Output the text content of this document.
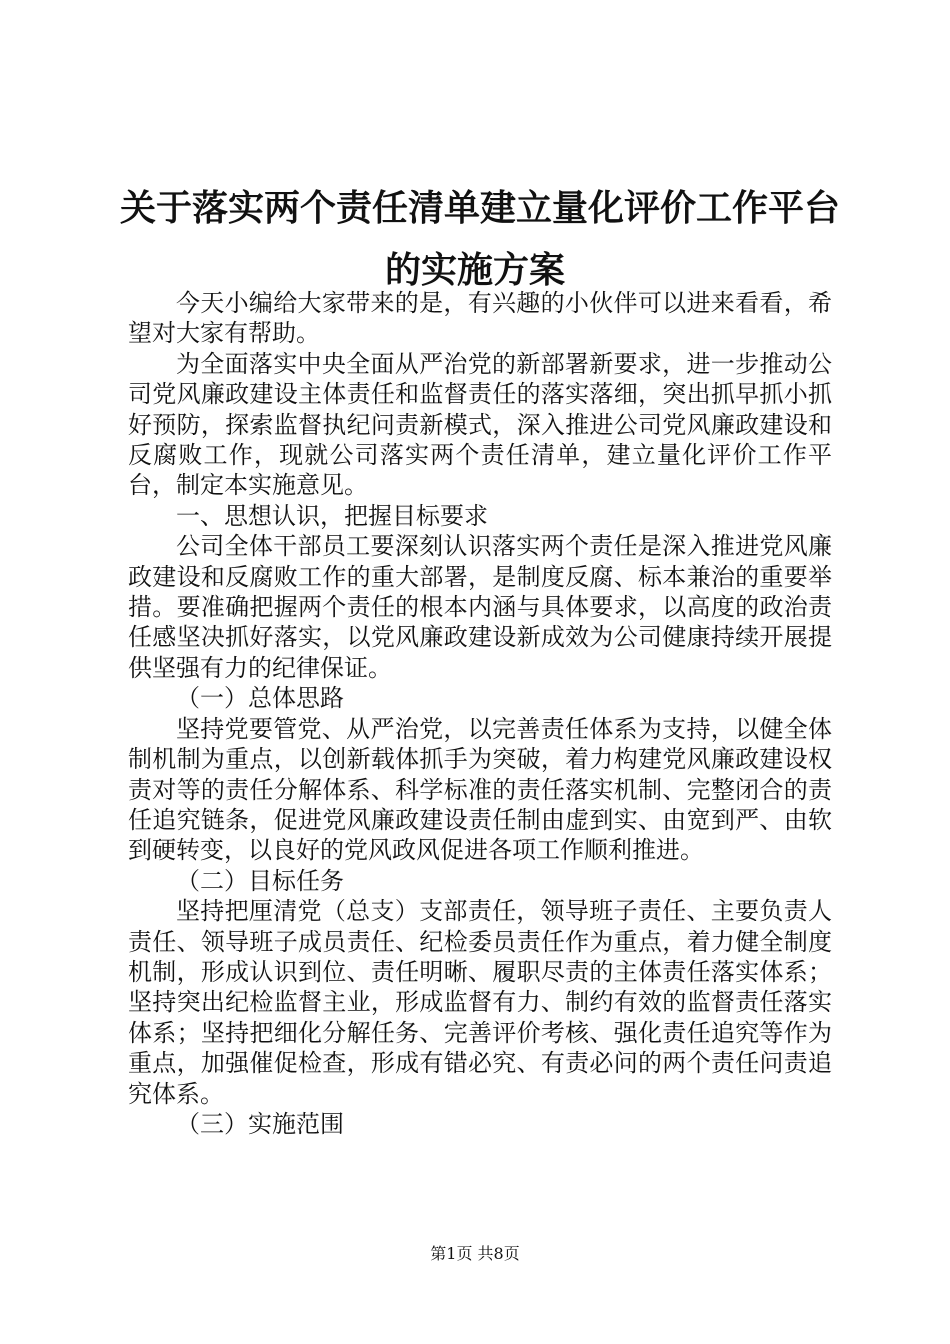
关于落实两个责任清单建立量化评价工作平台
的实施方案

今天小编给大家带来的是，有兴趣的小伙伴可以进来看看，希望对大家有帮助。

为全面落实中央全面从严治党的新部署新要求，进一步推动公司党风廉政建设主体责任和监督责任的落实落细，突出抓早抓小抓好预防，探索监督执纪问责新模式，深入推进公司党风廉政建设和反腐败工作，现就公司落实两个责任清单，建立量化评价工作平台，制定本实施意见。

一、思想认识，把握目标要求

公司全体干部员工要深刻认识落实两个责任是深入推进党风廉政建设和反腐败工作的重大部署，是制度反腐、标本兼治的重要举措。要准确把握两个责任的根本内涵与具体要求，以高度的政治责任感坚决抓好落实，以党风廉政建设新成效为公司健康持续开展提供坚强有力的纪律保证。

（一）总体思路

坚持党要管党、从严治党，以完善责任体系为支持，以健全体制机制为重点，以创新载体抓手为突破，着力构建党风廉政建设权责对等的责任分解体系、科学标准的责任落实机制、完整闭合的责任追究链条，促进党风廉政建设责任制由虚到实、由宽到严、由软到硬转变，以良好的党风政风促进各项工作顺利推进。

（二）目标任务

坚持把厘清党（总支）支部责任，领导班子责任、主要负责人责任、领导班子成员责任、纪检委员责任作为重点，着力健全制度机制，形成认识到位、责任明晰、履职尽责的主体责任落实体系；坚持突出纪检监督主业，形成监督有力、制约有效的监督责任落实体系；坚持把细化分解任务、完善评价考核、强化责任追究等作为重点，加强催促检查，形成有错必究、有责必问的两个责任问责追究体系。

（三）实施范围

第1页 共8页
